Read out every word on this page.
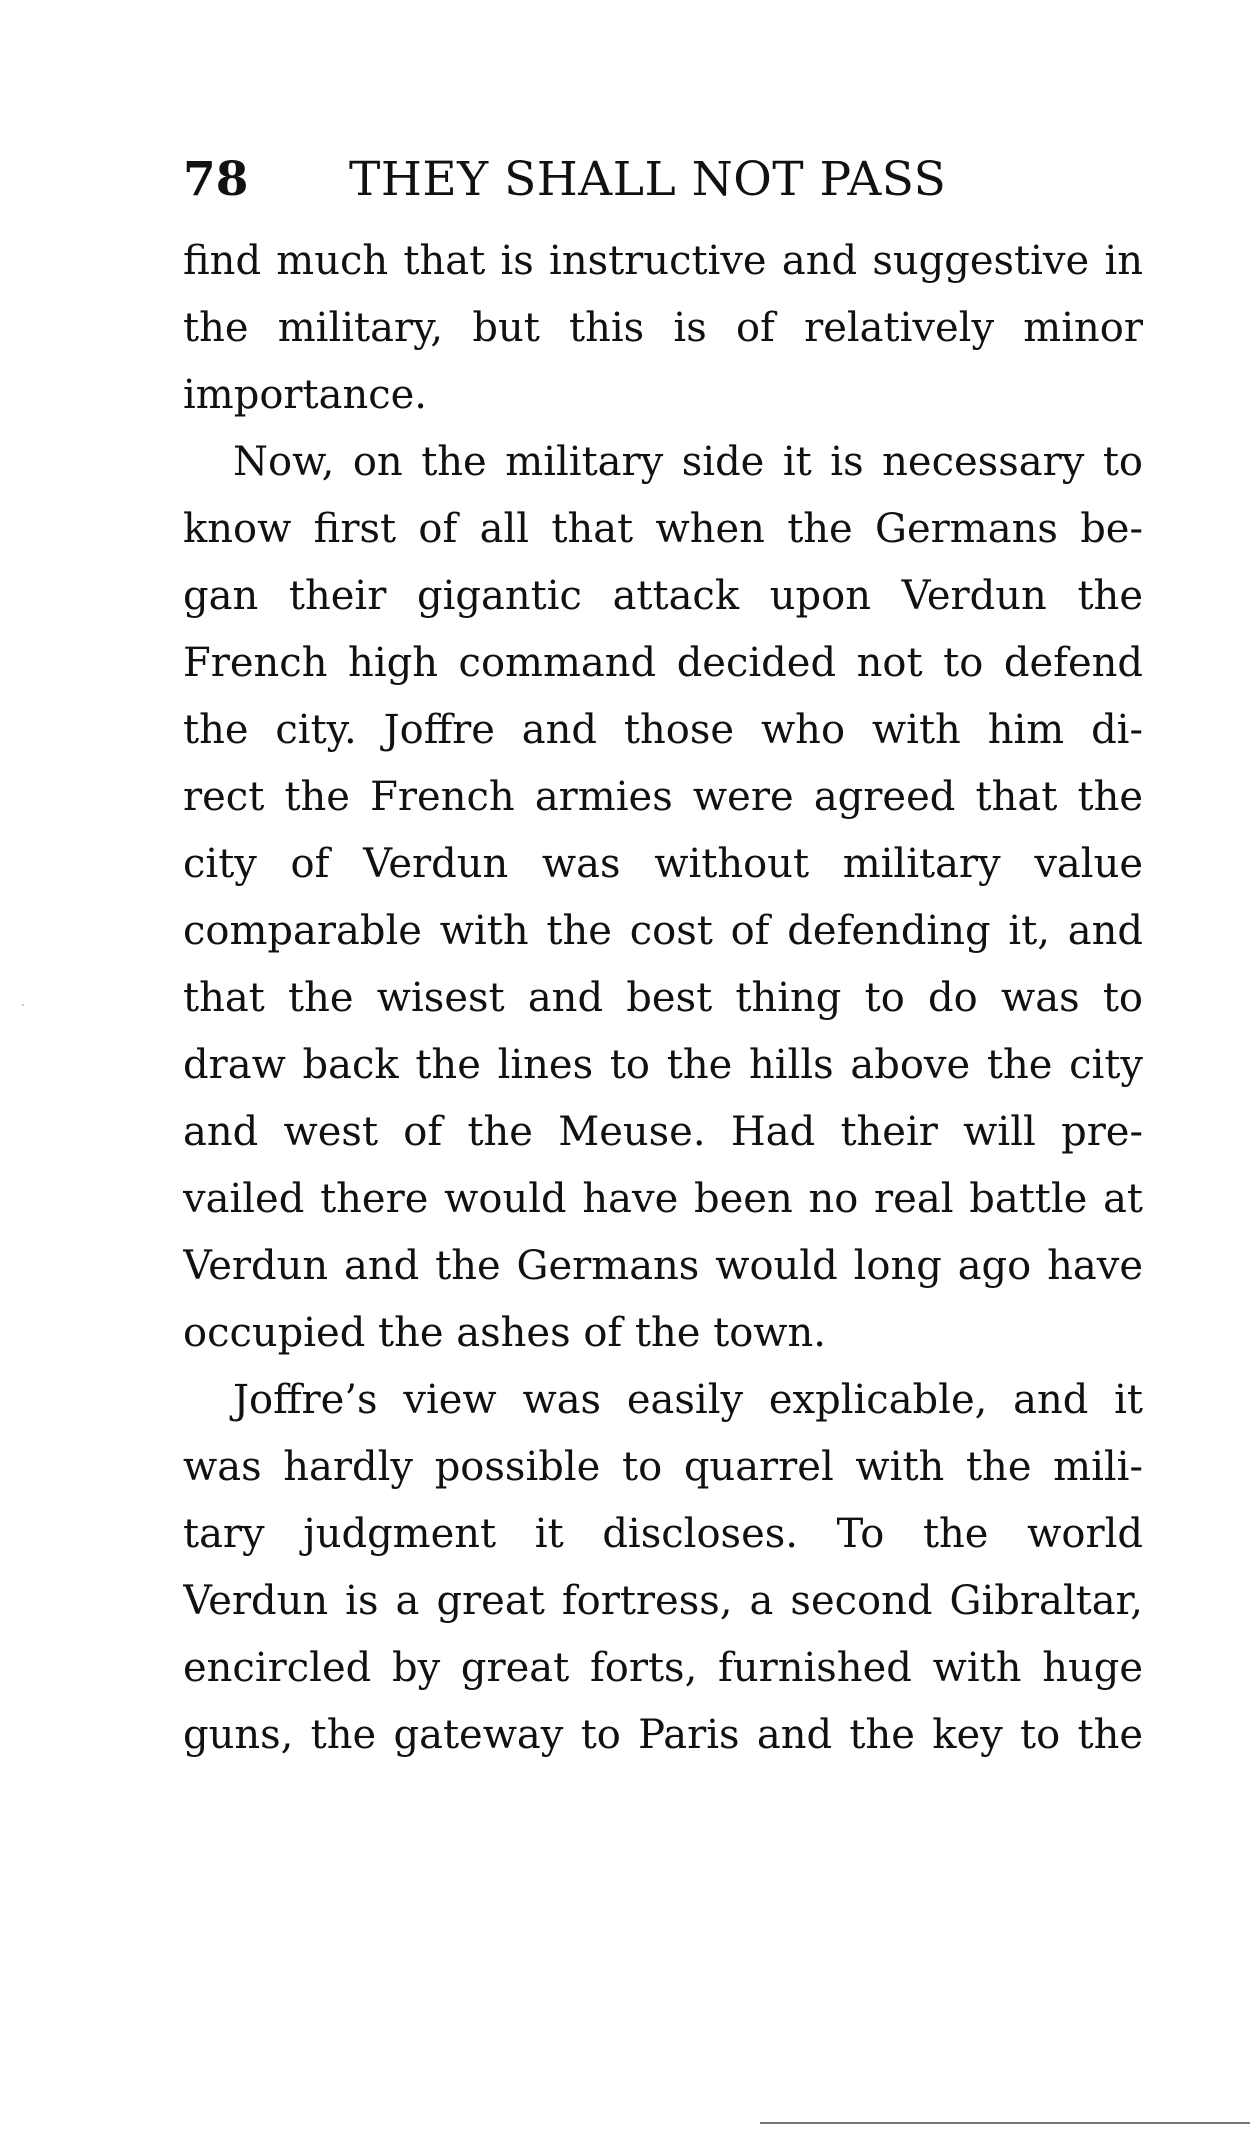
78 THEY SHALL NOT PASS
find much that is instructive and suggestive in
the military, but this is of relatively minor
importance.
Now, on the military side it is necessary to
know first of all that when the Germans be-
gan their gigantic attack upon Verdun the
French high command decided not to defend
the city. Joffre and those who with him di-
rect the French armies were agreed that the
city of Verdun was without military value
comparable with the cost of defending it, and
that the wisest and best thing to do was to
draw back the lines to the hills above the city
and west of the Meuse. Had their will pre-
vailed there would have been no real battle at
Verdun and the Germans would long ago have
occupied the ashes of the town.
Joffre’s view was easily explicable, and it
was hardly possible to quarrel with the mili-
tary judgment it discloses. To the world
Verdun is a great fortress, a second Gibraltar,
encircled by great forts, furnished with huge
guns, the gateway to Paris and the key to the
